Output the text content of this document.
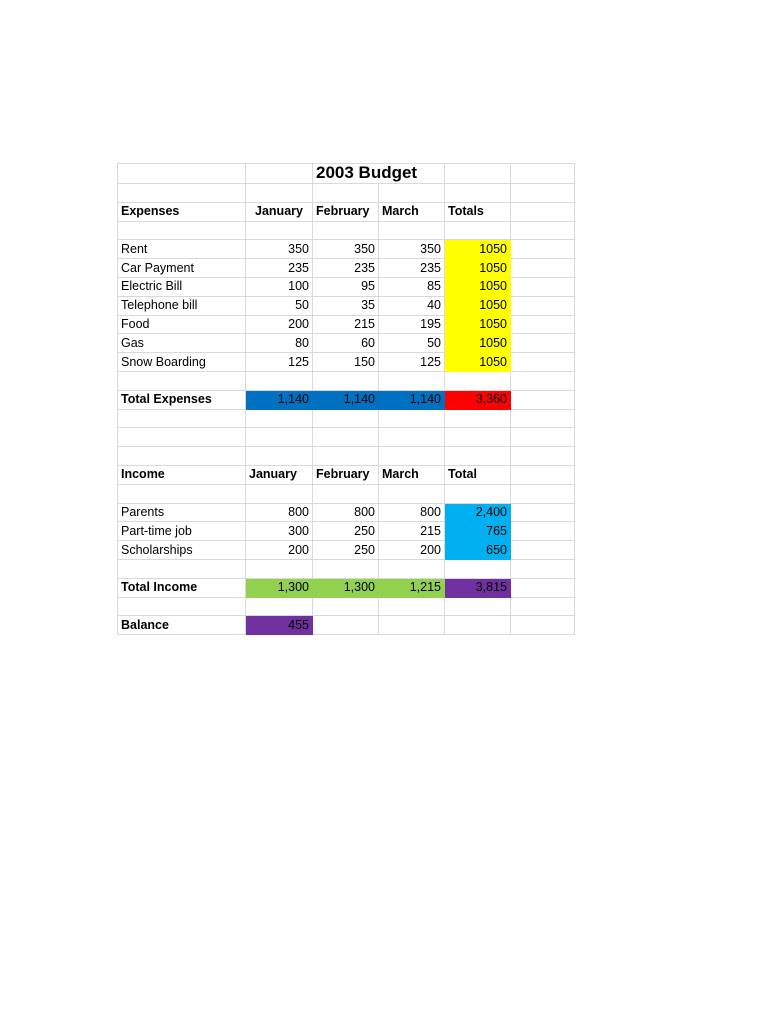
		2003 Budget			

Expenses	January	February	March	Totals	

Rent	350	350	350	1050	
Car Payment	235	235	235	1050	
Electric Bill	100	95	85	1050	
Telephone bill	50	35	40	1050	
Food	200	215	195	1050	
Gas	80	60	50	1050	
Snow Boarding	125	150	125	1050	

Total Expenses	1,140	1,140	1,140	3,360	

Income	January	February	March	Total	

Parents	800	800	800	2,400	
Part-time job	300	250	215	765	
Scholarships	200	250	200	650	

Total Income	1,300	1,300	1,215	3,815	

Balance	455				
